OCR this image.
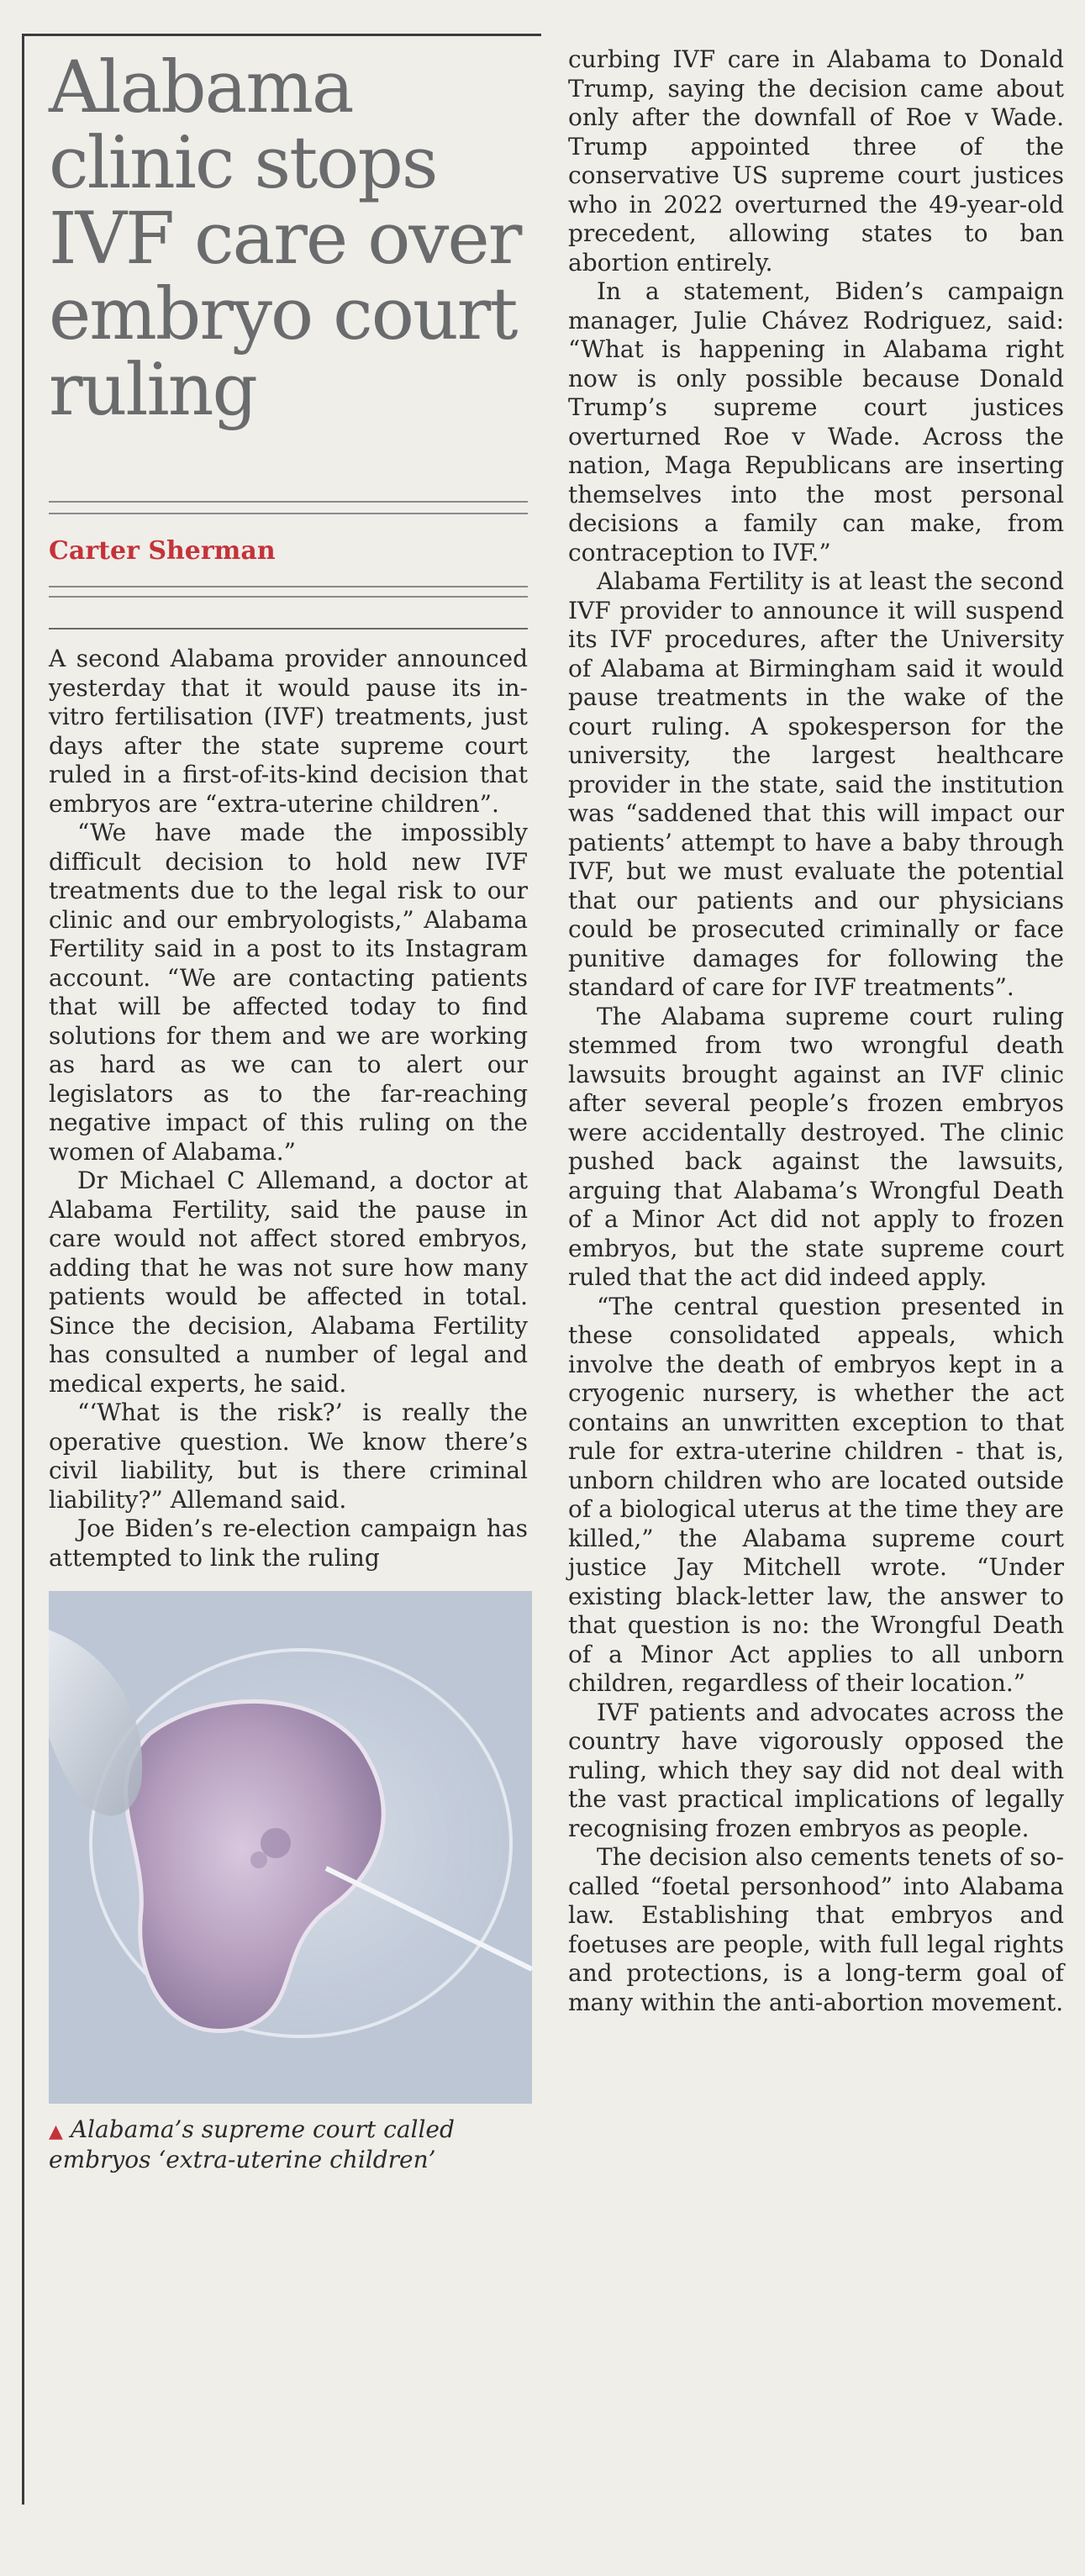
Alabama clinic stops IVF care over embryo court ruling
Carter Sherman

A second Alabama provider announced yesterday that it would pause its in-vitro fertilisation (IVF) treatments, just days after the state supreme court ruled in a first-of-its-kind decision that embryos are “extra-uterine children”.

“We have made the impossibly difficult decision to hold new IVF treatments due to the legal risk to our clinic and our embryologists,” Alabama Fertility said in a post to its Instagram account. “We are contacting patients that will be affected today to find solutions for them and we are working as hard as we can to alert our legislators as to the far-reaching negative impact of this ruling on the women of Alabama.”

Dr Michael C Allemand, a doctor at Alabama Fertility, said the pause in care would not affect stored embryos, adding that he was not sure how many patients would be affected in total. Since the decision, Alabama Fertility has consulted a number of legal and medical experts, he said.

“‘What is the risk?’ is really the operative question. We know there’s civil liability, but is there criminal liability?” Allemand said.

Joe Biden’s re-election campaign has attempted to link the ruling

▲ Alabama’s supreme court called embryos ‘extra-uterine children’

curbing IVF care in Alabama to Donald Trump, saying the decision came about only after the downfall of Roe v Wade. Trump appointed three of the conservative US supreme court justices who in 2022 overturned the 49-year-old precedent, allowing states to ban abortion entirely.

In a statement, Biden’s campaign manager, Julie Chávez Rodriguez, said: “What is happening in Alabama right now is only possible because Donald Trump’s supreme court justices overturned Roe v Wade. Across the nation, Maga Republicans are inserting themselves into the most personal decisions a family can make, from contraception to IVF.”

Alabama Fertility is at least the second IVF provider to announce it will suspend its IVF procedures, after the University of Alabama at Birmingham said it would pause treatments in the wake of the court ruling. A spokesperson for the university, the largest healthcare provider in the state, said the institution was “saddened that this will impact our patients’ attempt to have a baby through IVF, but we must evaluate the potential that our patients and our physicians could be prosecuted criminally or face punitive damages for following the standard of care for IVF treatments”.

The Alabama supreme court ruling stemmed from two wrongful death lawsuits brought against an IVF clinic after several people’s frozen embryos were accidentally destroyed. The clinic pushed back against the lawsuits, arguing that Alabama’s Wrongful Death of a Minor Act did not apply to frozen embryos, but the state supreme court ruled that the act did indeed apply.

“The central question presented in these consolidated appeals, which involve the death of embryos kept in a cryogenic nursery, is whether the act contains an unwritten exception to that rule for extra-uterine children - that is, unborn children who are located outside of a biological uterus at the time they are killed,” the Alabama supreme court justice Jay Mitchell wrote. “Under existing black-letter law, the answer to that question is no: the Wrongful Death of a Minor Act applies to all unborn children, regardless of their location.”

IVF patients and advocates across the country have vigorously opposed the ruling, which they say did not deal with the vast practical implications of legally recognising frozen embryos as people.

The decision also cements tenets of so-called “foetal personhood” into Alabama law. Establishing that embryos and foetuses are people, with full legal rights and protections, is a long-term goal of many within the anti-abortion movement.
